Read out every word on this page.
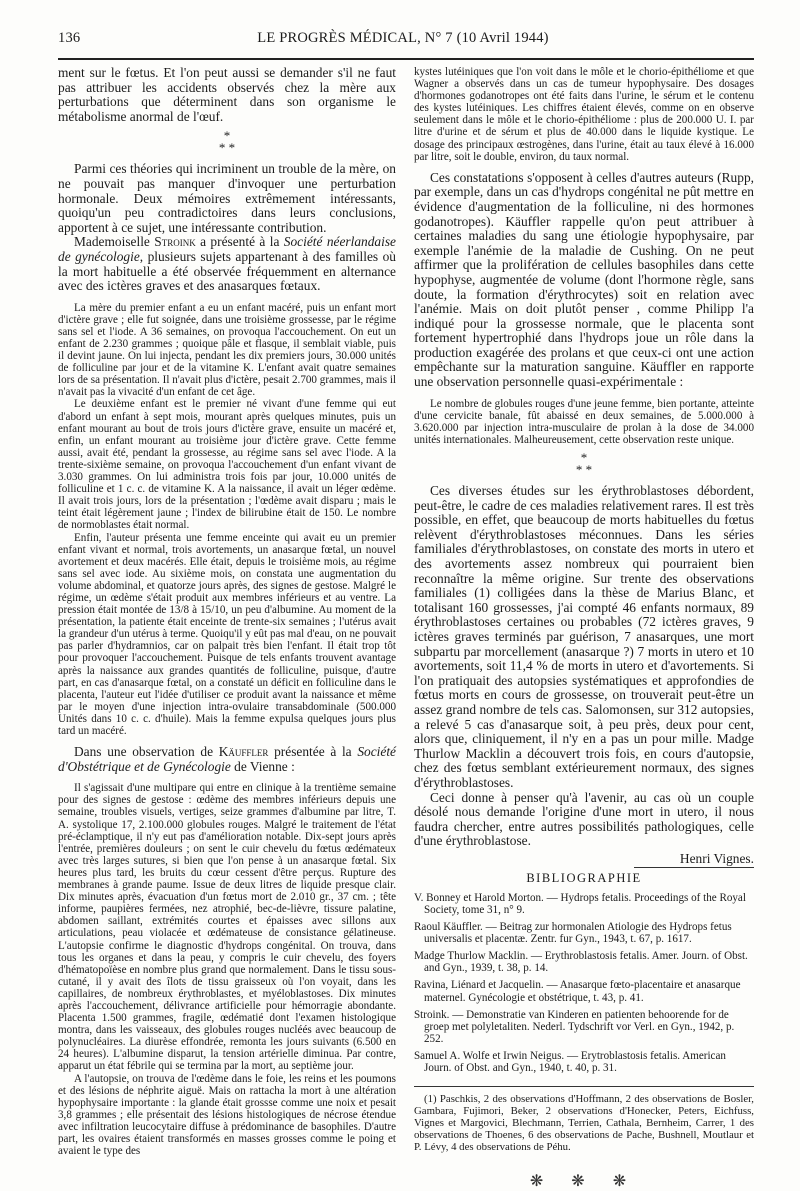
136	LE PROGRÈS MÉDICAL, N° 7 (10 Avril 1944)

ment sur le fœtus. Et l'on peut aussi se demander s'il ne faut pas attribuer les accidents observés chez la mère aux perturbations que déterminent dans son organisme le métabolisme anormal de l'œuf.

*
* *

Parmi ces théories qui incriminent un trouble de la mère, on ne pouvait pas manquer d'invoquer une perturbation hormonale. Deux mémoires extrêmement intéressants, quoiqu'un peu contradictoires dans leurs conclusions, apportent à ce sujet, une intéressante contribution.

Mademoiselle Stroink a présenté à la Société néerlandaise de gynécologie, plusieurs sujets appartenant à des familles où la mort habituelle a été observée fréquemment en alternance avec des ictères graves et des anasarques fœtaux.

La mère du premier enfant a eu un enfant macéré, puis un enfant mort d'ictère grave ; elle fut soignée, dans une troisième grossesse, par le régime sans sel et l'iode. A 36 semaines, on provoqua l'accouchement. On eut un enfant de 2.230 grammes ; quoique pâle et flasque, il semblait viable, puis il devint jaune. On lui injecta, pendant les dix premiers jours, 30.000 unités de folliculine par jour et de la vitamine K. L'enfant avait quatre semaines lors de sa présentation. Il n'avait plus d'ictère, pesait 2.700 grammes, mais il n'avait pas la vivacité d'un enfant de cet âge.

Le deuxième enfant est le premier né vivant d'une femme qui eut d'abord un enfant à sept mois, mourant après quelques minutes, puis un enfant mourant au bout de trois jours d'ictère grave, ensuite un macéré et, enfin, un enfant mourant au troisième jour d'ictère grave. Cette femme aussi, avait été, pendant la grossesse, au régime sans sel avec l'iode. A la trente-sixième semaine, on provoqua l'accouchement d'un enfant vivant de 3.030 grammes. On lui administra trois fois par jour, 10.000 unités de folliculine et 1 c. c. de vitamine K. A la naissance, il avait un léger œdème. Il avait trois jours, lors de la présentation ; l'œdème avait disparu ; mais le teint était légèrement jaune ; l'index de bilirubine était de 150. Le nombre de normoblastes était normal.

Enfin, l'auteur présenta une femme enceinte qui avait eu un premier enfant vivant et normal, trois avortements, un anasarque fœtal, un nouvel avortement et deux macérés. Elle était, depuis le troisième mois, au régime sans sel avec iode. Au sixième mois, on constata une augmentation du volume abdominal, et quatorze jours après, des signes de gestose. Malgré le régime, un œdème s'était produit aux membres inférieurs et au ventre. La pression était montée de 13/8 à 15/10, un peu d'albumine. Au moment de la présentation, la patiente était enceinte de trente-six semaines ; l'utérus avait la grandeur d'un utérus à terme. Quoiqu'il y eût pas mal d'eau, on ne pouvait pas parler d'hydramnios, car on palpait très bien l'enfant. Il était trop tôt pour provoquer l'accouchement. Puisque de tels enfants trouvent avantage après la naissance aux grandes quantités de folliculine, puisque, d'autre part, en cas d'anasarque fœtal, on a constaté un déficit en folliculine dans le placenta, l'auteur eut l'idée d'utiliser ce produit avant la naissance et même par le moyen d'une injection intra-ovulaire transabdominale (500.000 Unités dans 10 c. c. d'huile). Mais la femme expulsa quelques jours plus tard un macéré.

Dans une observation de Käuffler présentée à la Société d'Obstétrique et de Gynécologie de Vienne :

Il s'agissait d'une multipare qui entre en clinique à la trentième semaine pour des signes de gestose : œdème des membres inférieurs depuis une semaine, troubles visuels, vertiges, seize grammes d'albumine par litre, T. A. systolique 17, 2.100.000 globules rouges. Malgré le traitement de l'état pré-éclamptique, il n'y eut pas d'amélioration notable. Dix-sept jours après l'entrée, premières douleurs ; on sent le cuir chevelu du fœtus œdémateux avec très larges sutures, si bien que l'on pense à un anasarque fœtal. Six heures plus tard, les bruits du cœur cessent d'être perçus. Rupture des membranes à grande paume. Issue de deux litres de liquide presque clair. Dix minutes après, évacuation d'un fœtus mort de 2.010 gr., 37 cm. ; tête informe, paupières fermées, nez atrophié, bec-de-lièvre, tissure palatine, abdomen saillant, extrémités courtes et épaisses avec sillons aux articulations, peau violacée et œdémateuse de consistance gélatineuse. L'autopsie confirme le diagnostic d'hydrops congénital. On trouva, dans tous les organes et dans la peau, y compris le cuir chevelu, des foyers d'hématopoïèse en nombre plus grand que normalement. Dans le tissu sous-cutané, il y avait des îlots de tissu graisseux où l'on voyait, dans les capillaires, de nombreux érythroblastes, et myéloblastoses. Dix minutes après l'accouchement, délivrance artificielle pour hémorragie abondante. Placenta 1.500 grammes, fragile, œdématié dont l'examen histologique montra, dans les vaisseaux, des globules rouges nucléés avec beaucoup de polynucléaires. La diurèse effondrée, remonta les jours suivants (6.500 en 24 heures). L'albumine disparut, la tension artérielle diminua. Par contre, apparut un état fébrile qui se termina par la mort, au septième jour.

A l'autopsie, on trouva de l'œdème dans le foie, les reins et les poumons et des lésions de néphrite aiguë. Mais on rattacha la mort à une altération hypophysaire importante : la glande était grossse comme une noix et pesait 3,8 grammes ; elle présentait des lésions histologiques de nécrose étendue avec infiltration leucocytaire diffuse à prédominance de basophiles. D'autre part, les ovaires étaient transformés en masses grosses comme le poing et avaient le type des

kystes lutéiniques que l'on voit dans le môle et le chorio-épithéliome et que Wagner a observés dans un cas de tumeur hypophysaire. Des dosages d'hormones godanotropes ont été faits dans l'urine, le sérum et le contenu des kystes lutéiniques. Les chiffres étaient élevés, comme on en observe seulement dans le môle et le chorio-épithéliome : plus de 200.000 U. I. par litre d'urine et de sérum et plus de 40.000 dans le liquide kystique. Le dosage des principaux œstrogènes, dans l'urine, était au taux élevé à 16.000 par litre, soit le double, environ, du taux normal.

Ces constatations s'opposent à celles d'autres auteurs (Rupp, par exemple, dans un cas d'hydrops congénital ne pût mettre en évidence d'augmentation de la folliculine, ni des hormones godanotropes). Käuffler rappelle qu'on peut attribuer à certaines maladies du sang une étiologie hypophysaire, par exemple l'anémie de la maladie de Cushing. On ne peut affirmer que la prolifération de cellules basophiles dans cette hypophyse, augmentée de volume (dont l'hormone règle, sans doute, la formation d'érythrocytes) soit en relation avec l'anémie. Mais on doit plutôt penser , comme Philipp l'a indiqué pour la grossesse normale, que le placenta sont fortement hypertrophié dans l'hydrops joue un rôle dans la production exagérée des prolans et que ceux-ci ont une action empêchante sur la maturation sanguine. Käuffler en rapporte une observation personnelle quasi-expérimentale :

Le nombre de globules rouges d'une jeune femme, bien portante, atteinte d'une cervicite banale, fût abaissé en deux semaines, de 5.000.000 à 3.620.000 par injection intra-musculaire de prolan à la dose de 34.000 unités internationales. Malheureusement, cette observation reste unique.

*
* *

Ces diverses études sur les érythroblastoses débordent, peut-être, le cadre de ces maladies relativement rares. Il est très possible, en effet, que beaucoup de morts habituelles du fœtus relèvent d'érythroblastoses méconnues. Dans les séries familiales d'érythroblastoses, on constate des morts in utero et des avortements assez nombreux qui pourraient bien reconnaître la même origine. Sur trente des observations familiales (1) colligées dans la thèse de Marius Blanc, et totalisant 160 grossesses, j'ai compté 46 enfants normaux, 89 érythroblastoses certaines ou probables (72 ictères graves, 9 ictères graves terminés par guérison, 7 anasarques, une mort subpartu par morcellement (anasarque ?) 7 morts in utero et 10 avortements, soit 11,4 % de morts in utero et d'avortements. Si l'on pratiquait des autopsies systématiques et approfondies de fœtus morts en cours de grossesse, on trouverait peut-être un assez grand nombre de tels cas. Salomonsen, sur 312 autopsies, a relevé 5 cas d'anasarque soit, à peu près, deux pour cent, alors que, cliniquement, il n'y en a pas un pour mille. Madge Thurlow Macklin a découvert trois fois, en cours d'autopsie, chez des fœtus semblant extérieurement normaux, des signes d'érythroblastoses.

Ceci donne à penser qu'à l'avenir, au cas où un couple désolé nous demande l'origine d'une mort in utero, il nous faudra chercher, entre autres possibilités pathologiques, celle d'une érythroblastose.

Henri Vignes.
BIBLIOGRAPHIE

V. Bonney et Harold Morton. — Hydrops fetalis. Proceedings of the Royal Society, tome 31, n° 9.

Raoul Käuffler. — Beitrag zur hormonalen Atiologie des Hydrops fetus universalis et placentæ. Zentr. fur Gyn., 1943, t. 67, p. 1617.

Madge Thurlow Macklin. — Erythroblastosis fetalis. Amer. Journ. of Obst. and Gyn., 1939, t. 38, p. 14.

Ravina, Liénard et Jacquelin. — Anasarque fœto-placentaire et anasarque maternel. Gynécologie et obstétrique, t. 43, p. 41.

Stroink. — Demonstratie van Kinderen en patienten behoorende for de groep met polyletaliten. Nederl. Tydschrift vor Verl. en Gyn., 1942, p. 252.

Samuel A. Wolfe et Irwin Neigus. — Erytroblastosis fetalis. American Journ. of Obst. and Gyn., 1940, t. 40, p. 31.

(1) Paschkis, 2 des observations d'Hoffmann, 2 des observations de Bosler, Gambara, Fujimori, Beker, 2 observations d'Honecker, Peters, Eichfuss, Vignes et Margovici, Blechmann, Terrien, Cathala, Bernheim, Carrer, 1 des observations de Thoenes, 6 des observations de Pache, Bushnell, Moutlaur et P. Lévy, 4 des observations de Péhu.

❋ ❋ ❋
